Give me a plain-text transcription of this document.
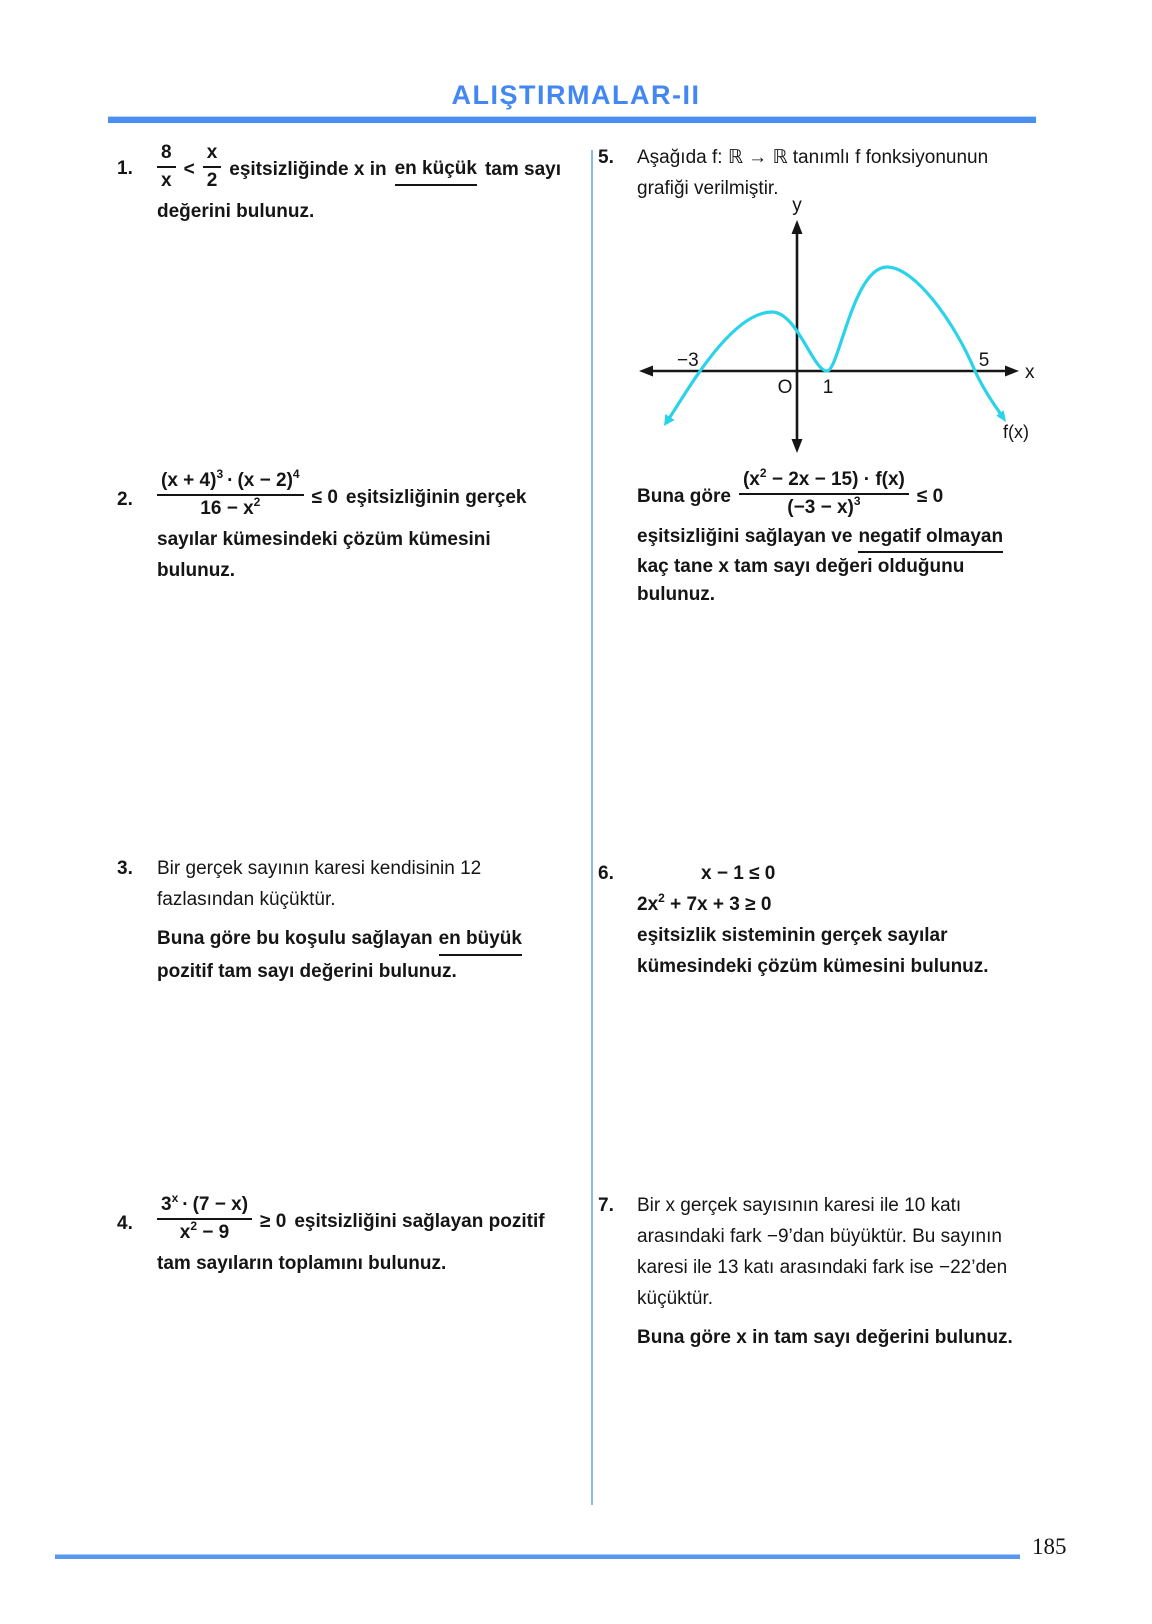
ALIŞTIRMALAR-II
1.	$\frac{8}{x} < \frac{x}{2}$ eşitsizliğinde x in en küçük tam sayı
değerini bulunuz.
2.	$\frac{(x + 4)^3 \cdot (x - 2)^4}{16 - x^2} \le 0$ eşitsizliğinin gerçek
sayılar kümesindeki çözüm kümesini
bulunuz.
3.	Bir gerçek sayının karesi kendisinin 12
fazlasından küçüktür.
Buna göre bu koşulu sağlayan en büyük
pozitif tam sayı değerini bulunuz.
4.	$\frac{3^x \cdot (7 - x)}{x^2 - 9} \ge 0$ eşitsizliğini sağlayan pozitif
tam sayıların toplamını bulunuz.
5.	Aşağıda f: ℝ → ℝ tanımlı f fonksiyonunun
grafiği verilmiştir.
y
x
−3
O 1
5
f(x)
Buna göre $\frac{(x^2 - 2x - 15) \cdot f(x)}{(-3 - x)^3} \le 0$
eşitsizliğini sağlayan ve negatif olmayan
kaç tane x tam sayı değeri olduğunu
bulunuz.
6.	x − 1 ≤ 0
$2x^2 + 7x + 3 \ge 0$
eşitsizlik sisteminin gerçek sayılar
kümesindeki çözüm kümesini bulunuz.
7.	Bir x gerçek sayısının karesi ile 10 katı
arasındaki fark −9’dan büyüktür. Bu sayının
karesi ile 13 katı arasındaki fark ise −22’den
küçüktür.
Buna göre x in tam sayı değerini bulunuz.
185
